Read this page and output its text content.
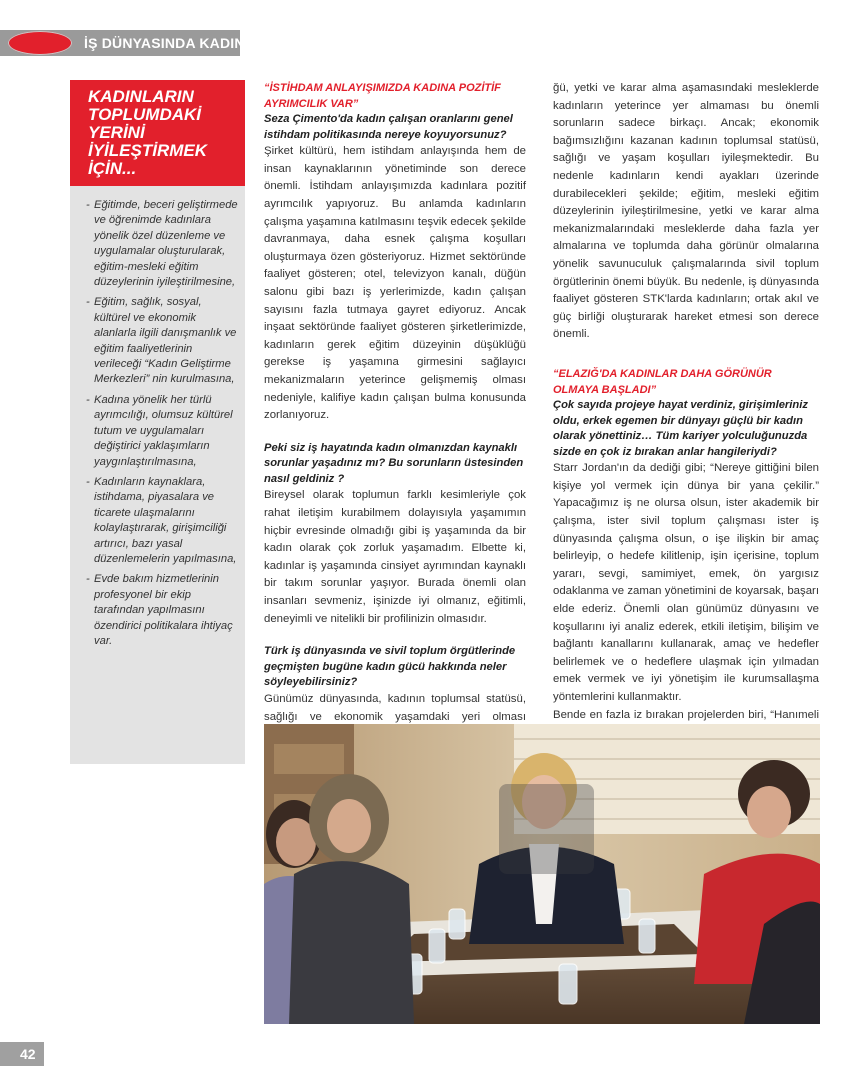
İŞ DÜNYASINDA KADIN
KADINLARIN TOPLUMDAKİ YERİNİ İYİLEŞTİRMEK İÇİN...
- Eğitimde, beceri geliştirmede ve öğrenimde kadınlara yönelik özel düzenleme ve uygulamalar oluşturularak, eğitim-mesleki eğitim düzeylerinin iyileştirilmesine,
- Eğitim, sağlık, sosyal, kültürel ve ekonomik alanlarla ilgili danışmanlık ve eğitim faaliyetlerinin verileceği “Kadın Geliştirme Merkezleri” nin kurulmasına,
- Kadına yönelik her türlü ayrımcılığı, olumsuz kültürel tutum ve uygulamaları değiştirici yaklaşımların yaygınlaştırılmasına,
- Kadınların kaynaklara, istihdama, piyasalara ve ticarete ulaşmalarını kolaylaştırarak, girişimciliği artırıcı, bazı yasal düzenlemelerin yapılmasına,
- Evde bakım hizmetlerinin profesyonel bir ekip tarafından yapılmasını özendirici politikalara ihtiyaç var.

“İSTİHDAM ANLAYIŞIMIZDA KADINA POZİTİF AYRIMCILIK VAR”

Seza Çimento'da kadın çalışan oranlarını genel istihdam politikasında nereye koyuyorsunuz?

Şirket kültürü, hem istihdam anlayışında hem de insan kaynaklarının yönetiminde son derece önemli. İstihdam anlayışımızda kadınlara pozitif ayrımcılık yapıyoruz. Bu anlamda kadınların çalışma yaşamına katılmasını teşvik edecek şekilde davranmaya, daha esnek çalışma koşulları oluşturmaya özen gösteriyoruz. Hizmet sektöründe faaliyet gösteren; otel, televizyon kanalı, düğün salonu gibi bazı iş yerlerimizde, kadın çalışan sayısını fazla tutmaya gayret ediyoruz. Ancak inşaat sektöründe faaliyet gösteren şirketlerimizde, kadınların gerek eğitim düzeyinin düşüklüğü gerekse iş yaşamına girmesini sağlayıcı mekanizmaların yeterince gelişmemiş olması nedeniyle, kalifiye kadın çalışan bulma konusunda zorlanıyoruz.

Peki siz iş hayatında kadın olmanızdan kaynaklı sorunlar yaşadınız mı? Bu sorunların üstesinden nasıl geldiniz ?

Bireysel olarak toplumun farklı kesimleriyle çok rahat iletişim kurabilmem dolayısıyla yaşamımın hiçbir evresinde olmadığı gibi iş yaşamında da bir kadın olarak çok zorluk yaşamadım. Elbette ki, kadınlar iş yaşamında cinsiyet ayrımından kaynaklı bir takım sorunlar yaşıyor. Burada önemli olan insanları sevmeniz, işinizde iyi olmanız, eğitimli, deneyimli ve nitelikli bir profilinizin olmasıdır.

Türk iş dünyasında ve sivil toplum örgütlerinde geçmişten bugüne kadın gücü hakkında neler söyleyebilirsiniz?

Günümüz dünyasında, kadının toplumsal statüsü, sağlığı ve ekonomik yaşamdaki yeri olması

ğü, yetki ve karar alma aşamasındaki mesleklerde kadınların yeterince yer almaması bu önemli sorunların sadece birkaçı. Ancak; ekonomik bağımsızlığını kazanan kadının toplumsal statüsü, sağlığı ve yaşam koşulları iyileşmektedir. Bu nedenle kadınların kendi ayakları üzerinde durabilecekleri şekilde; eğitim, mesleki eğitim düzeylerinin iyileştirilmesine, yetki ve karar alma mekanizmalarındaki mesleklerde daha fazla yer almalarına ve toplumda daha görünür olmalarına yönelik savunuculuk çalışmalarında sivil toplum örgütlerinin önemi büyük. Bu nedenle, iş dünyasında faaliyet gösteren STK'larda kadınların; ortak akıl ve güç birliği oluşturarak hareket etmesi son derece önemli.

“ELAZIĞ'DA KADINLAR DAHA GÖRÜNÜR OLMAYA BAŞLADI”

Çok sayıda projeye hayat verdiniz, girişimleriniz oldu, erkek egemen bir dünyayı güçlü bir kadın olarak yönettiniz… Tüm kariyer yolculuğunuzda sizde en çok iz bırakan anlar hangileriydi?

Starr Jordan'ın da dediği gibi; “Nereye gittiğini bilen kişiye yol vermek için dünya bir yana çekilir.” Yapacağımız iş ne olursa olsun, ister akademik bir çalışma, ister sivil toplum çalışması ister iş dünyasında çalışma olsun, o işe ilişkin bir amaç belirleyip, o hedefe kilitlenip, işin içerisine, toplum yararı, sevgi, samimiyet, emek, ön yargısız odaklanma ve zaman yönetimini de koyarsak, başarı elde ederiz. Önemli olan günümüz dünyasını ve koşullarını iyi analiz ederek, etkili iletişim, bilişim ve bağlantı kanallarını kullanarak, amaç ve hedefler belirlemek ve o hedeflere ulaşmak için yılmadan emek vermek ve iyi yönetişim ile kurumsallaşma yöntemlerini kullanmaktır.

Bende en fazla iz bırakan projelerden biri, “Hanımeli

42
